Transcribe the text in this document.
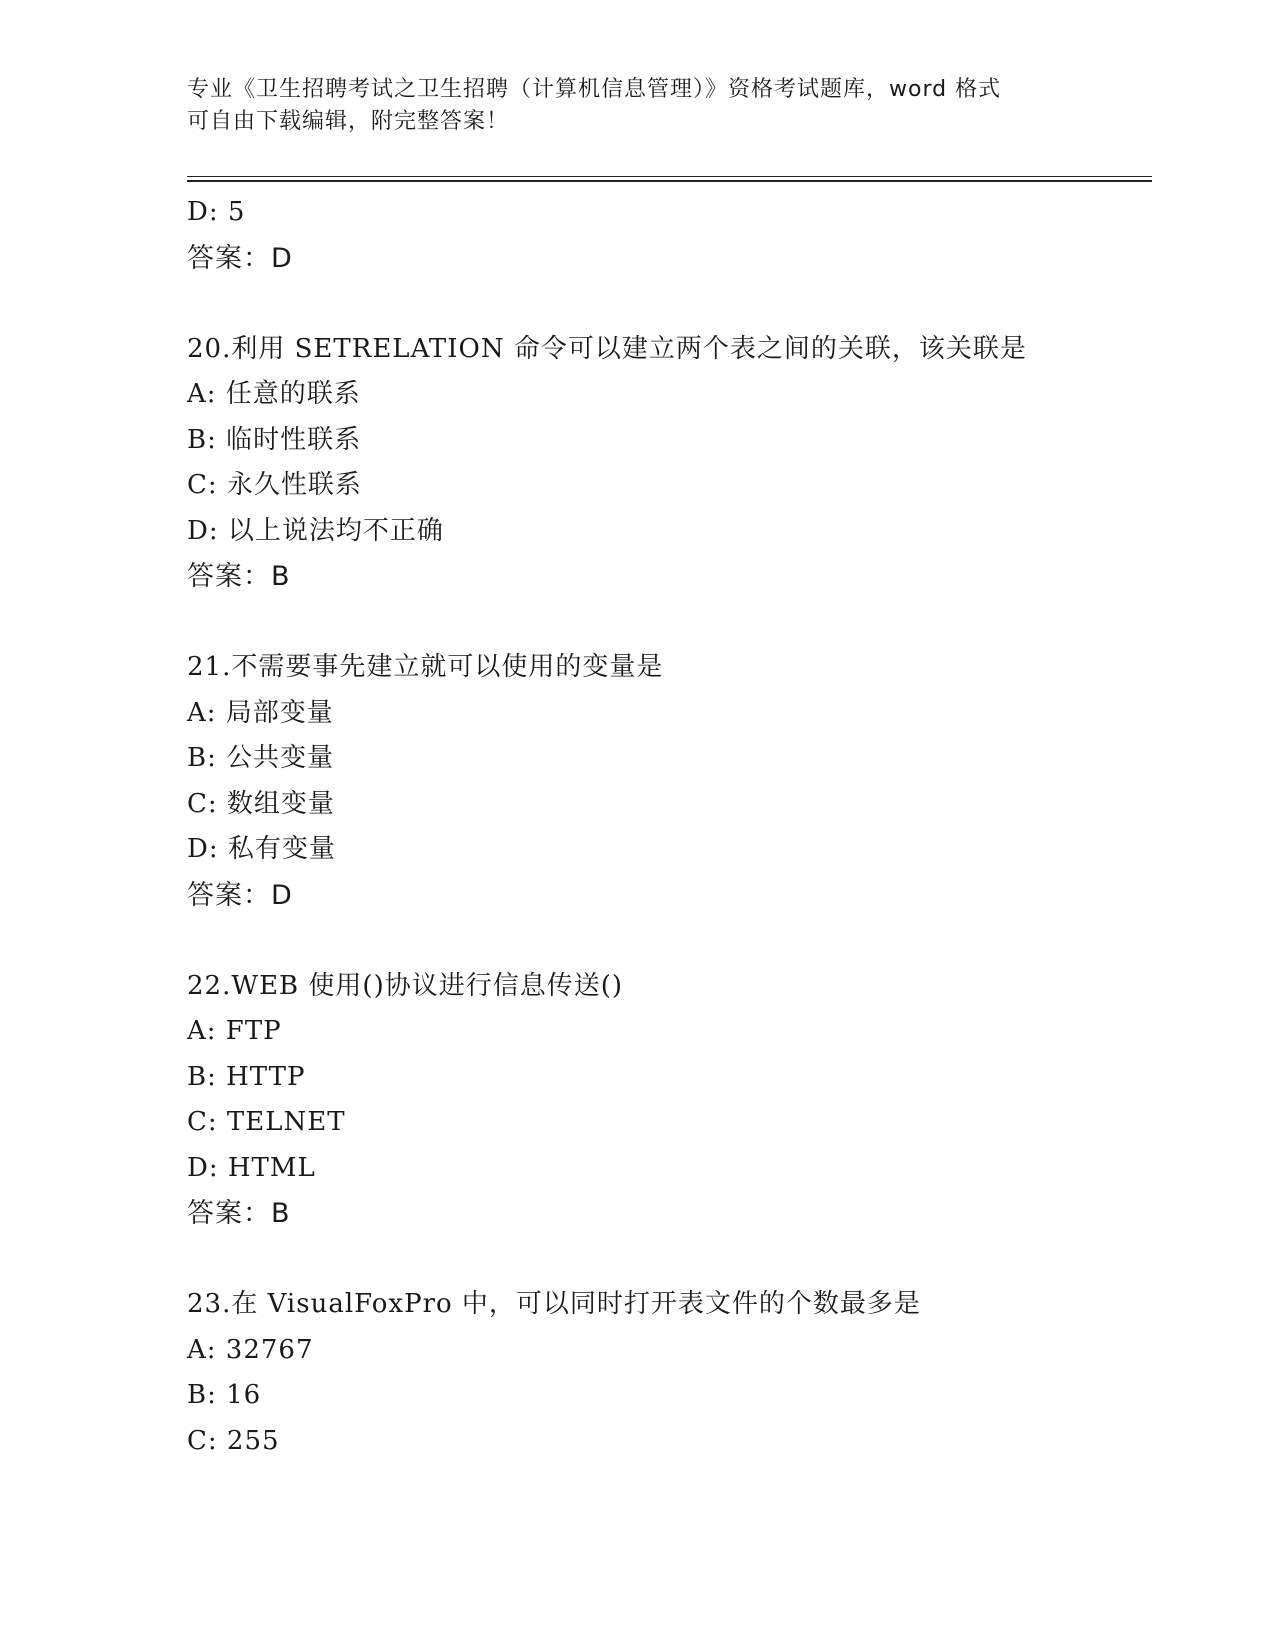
专业《卫生招聘考试之卫生招聘（计算机信息管理）》资格考试题库，word 格式
可自由下载编辑，附完整答案！
D: 5
答案：D
20.利用 SETRELATION 命令可以建立两个表之间的关联，该关联是
A: 任意的联系
B: 临时性联系
C: 永久性联系
D: 以上说法均不正确
答案：B
21.不需要事先建立就可以使用的变量是
A: 局部变量
B: 公共变量
C: 数组变量
D: 私有变量
答案：D
22.WEB 使用()协议进行信息传送()
A: FTP
B: HTTP
C: TELNET
D: HTML
答案：B
23.在 VisualFoxPro 中，可以同时打开表文件的个数最多是
A: 32767
B: 16
C: 255
